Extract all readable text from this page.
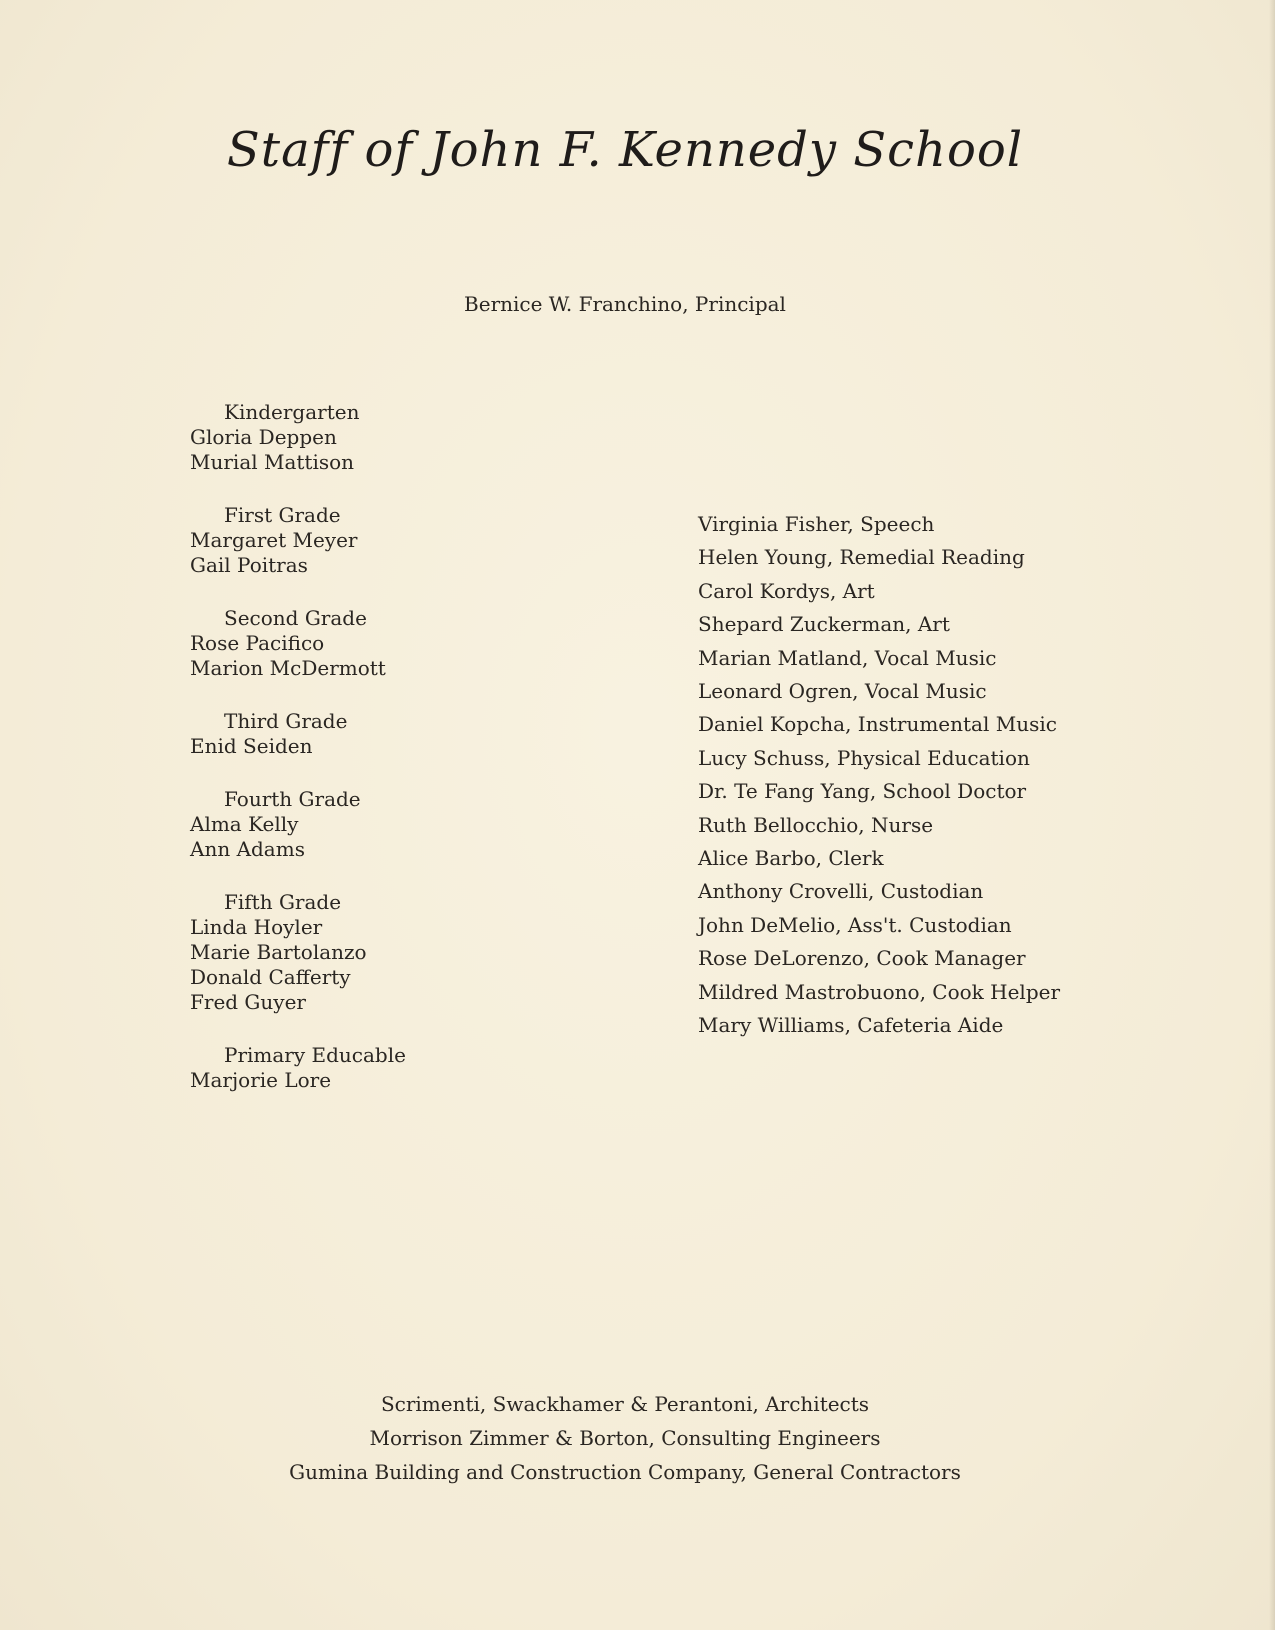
Staff of John F. Kennedy School
Bernice W. Franchino, Principal
Kindergarten
Gloria Deppen
Murial Mattison
First Grade
Margaret Meyer
Gail Poitras
Second Grade
Rose Pacifico
Marion McDermott
Third Grade
Enid Seiden
Fourth Grade
Alma Kelly
Ann Adams
Fifth Grade
Linda Hoyler
Marie Bartolanzo
Donald Cafferty
Fred Guyer
Primary Educable
Marjorie Lore
Virginia Fisher, Speech
Helen Young, Remedial Reading
Carol Kordys, Art
Shepard Zuckerman, Art
Marian Matland, Vocal Music
Leonard Ogren, Vocal Music
Daniel Kopcha, Instrumental Music
Lucy Schuss, Physical Education
Dr. Te Fang Yang, School Doctor
Ruth Bellocchio, Nurse
Alice Barbo, Clerk
Anthony Crovelli, Custodian
John DeMelio, Ass't. Custodian
Rose DeLorenzo, Cook Manager
Mildred Mastrobuono, Cook Helper
Mary Williams, Cafeteria Aide
Scrimenti, Swackhamer & Perantoni, Architects
Morrison Zimmer & Borton, Consulting Engineers
Gumina Building and Construction Company, General Contractors
